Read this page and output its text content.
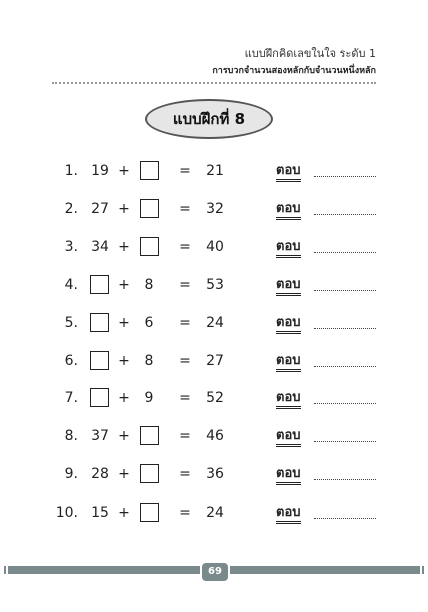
แบบฝึกคิดเลขในใจ ระดับ 1
การบวกจำนวนสองหลักกับจำนวนหนึ่งหลัก
แบบฝึกที่ 8
1. 19 +	= 21	ตอบ
2. 27 +	= 32	ตอบ
3. 34 +	= 40	ตอบ
4.	+	8	= 53	ตอบ
5.	+	6	= 24	ตอบ
6.	+	8	= 27	ตอบ
7.	+	9	= 52	ตอบ
8. 37 +	= 46	ตอบ
9. 28 +	= 36	ตอบ
10. 15 +	= 24	ตอบ
69
